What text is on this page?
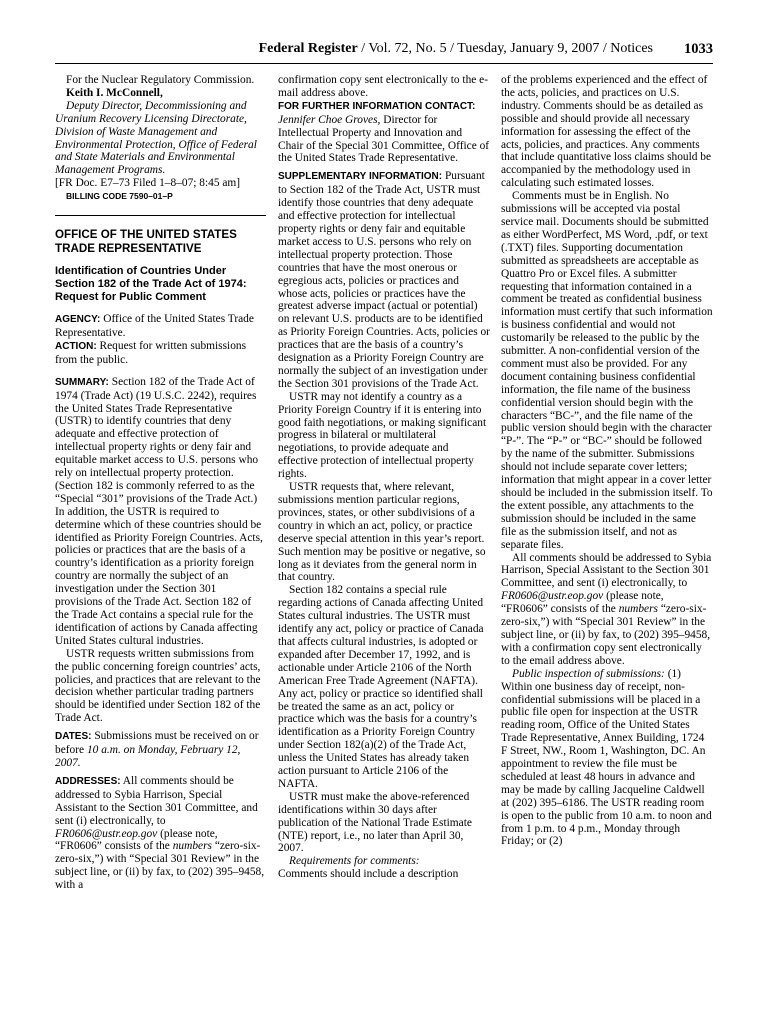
Federal Register / Vol. 72, No. 5 / Tuesday, January 9, 2007 / Notices 1033

For the Nuclear Regulatory Commission.

Keith I. McConnell,

Deputy Director, Decommissioning and Uranium Recovery Licensing Directorate, Division of Waste Management and Environmental Protection, Office of Federal and State Materials and Environmental Management Programs.

[FR Doc. E7–73 Filed 1–8–07; 8:45 am]

BILLING CODE 7590–01–P

OFFICE OF THE UNITED STATES TRADE REPRESENTATIVE
Identification of Countries Under Section 182 of the Trade Act of 1974: Request for Public Comment

AGENCY: Office of the United States Trade Representative.

ACTION: Request for written submissions from the public.

SUMMARY: Section 182 of the Trade Act of 1974 (Trade Act) (19 U.S.C. 2242), requires the United States Trade Representative (USTR) to identify countries that deny adequate and effective protection of intellectual property rights or deny fair and equitable market access to U.S. persons who rely on intellectual property protection. (Section 182 is commonly referred to as the “Special “301” provisions of the Trade Act.) In addition, the USTR is required to determine which of these countries should be identified as Priority Foreign Countries. Acts, policies or practices that are the basis of a country’s identification as a priority foreign country are normally the subject of an investigation under the Section 301 provisions of the Trade Act. Section 182 of the Trade Act contains a special rule for the identification of actions by Canada affecting United States cultural industries.

USTR requests written submissions from the public concerning foreign countries’ acts, policies, and practices that are relevant to the decision whether particular trading partners should be identified under Section 182 of the Trade Act.

DATES: Submissions must be received on or before 10 a.m. on Monday, February 12, 2007.

ADDRESSES: All comments should be addressed to Sybia Harrison, Special Assistant to the Section 301 Committee, and sent (i) electronically, to FR0606@ustr.eop.gov (please note, “FR0606” consists of the numbers “zero-six-zero-six,”) with “Special 301 Review” in the subject line, or (ii) by fax, to (202) 395–9458, with a

confirmation copy sent electronically to the e-mail address above.

FOR FURTHER INFORMATION CONTACT:
Jennifer Choe Groves, Director for Intellectual Property and Innovation and Chair of the Special 301 Committee, Office of the United States Trade Representative.

SUPPLEMENTARY INFORMATION: Pursuant to Section 182 of the Trade Act, USTR must identify those countries that deny adequate and effective protection for intellectual property rights or deny fair and equitable market access to U.S. persons who rely on intellectual property protection. Those countries that have the most onerous or egregious acts, policies or practices and whose acts, policies or practices have the greatest adverse impact (actual or potential) on relevant U.S. products are to be identified as Priority Foreign Countries. Acts, policies or practices that are the basis of a country’s designation as a Priority Foreign Country are normally the subject of an investigation under the Section 301 provisions of the Trade Act.

USTR may not identify a country as a Priority Foreign Country if it is entering into good faith negotiations, or making significant progress in bilateral or multilateral negotiations, to provide adequate and effective protection of intellectual property rights.

USTR requests that, where relevant, submissions mention particular regions, provinces, states, or other subdivisions of a country in which an act, policy, or practice deserve special attention in this year’s report. Such mention may be positive or negative, so long as it deviates from the general norm in that country.

Section 182 contains a special rule regarding actions of Canada affecting United States cultural industries. The USTR must identify any act, policy or practice of Canada that affects cultural industries, is adopted or expanded after December 17, 1992, and is actionable under Article 2106 of the North American Free Trade Agreement (NAFTA). Any act, policy or practice so identified shall be treated the same as an act, policy or practice which was the basis for a country’s identification as a Priority Foreign Country under Section 182(a)(2) of the Trade Act, unless the United States has already taken action pursuant to Article 2106 of the NAFTA.

USTR must make the above-referenced identifications within 30 days after publication of the National Trade Estimate (NTE) report, i.e., no later than April 30, 2007.

Requirements for comments:

Comments should include a description

of the problems experienced and the effect of the acts, policies, and practices on U.S. industry. Comments should be as detailed as possible and should provide all necessary information for assessing the effect of the acts, policies, and practices. Any comments that include quantitative loss claims should be accompanied by the methodology used in calculating such estimated losses.

Comments must be in English. No submissions will be accepted via postal service mail. Documents should be submitted as either WordPerfect, MS Word, .pdf, or text (.TXT) files. Supporting documentation submitted as spreadsheets are acceptable as Quattro Pro or Excel files. A submitter requesting that information contained in a comment be treated as confidential business information must certify that such information is business confidential and would not customarily be released to the public by the submitter. A non-confidential version of the comment must also be provided. For any document containing business confidential information, the file name of the business confidential version should begin with the characters “BC-”, and the file name of the public version should begin with the character “P-”. The “P-” or “BC-” should be followed by the name of the submitter. Submissions should not include separate cover letters; information that might appear in a cover letter should be included in the submission itself. To the extent possible, any attachments to the submission should be included in the same file as the submission itself, and not as separate files.

All comments should be addressed to Sybia Harrison, Special Assistant to the Section 301 Committee, and sent (i) electronically, to FR0606@ustr.eop.gov (please note, “FR0606” consists of the numbers “zero-six-zero-six,”) with “Special 301 Review” in the subject line, or (ii) by fax, to (202) 395–9458, with a confirmation copy sent electronically to the email address above.

Public inspection of submissions: (1) Within one business day of receipt, non-confidential submissions will be placed in a public file open for inspection at the USTR reading room, Office of the United States Trade Representative, Annex Building, 1724 F Street, NW., Room 1, Washington, DC. An appointment to review the file must be scheduled at least 48 hours in advance and may be made by calling Jacqueline Caldwell at (202) 395–6186. The USTR reading room is open to the public from 10 a.m. to noon and from 1 p.m. to 4 p.m., Monday through Friday; or (2)
